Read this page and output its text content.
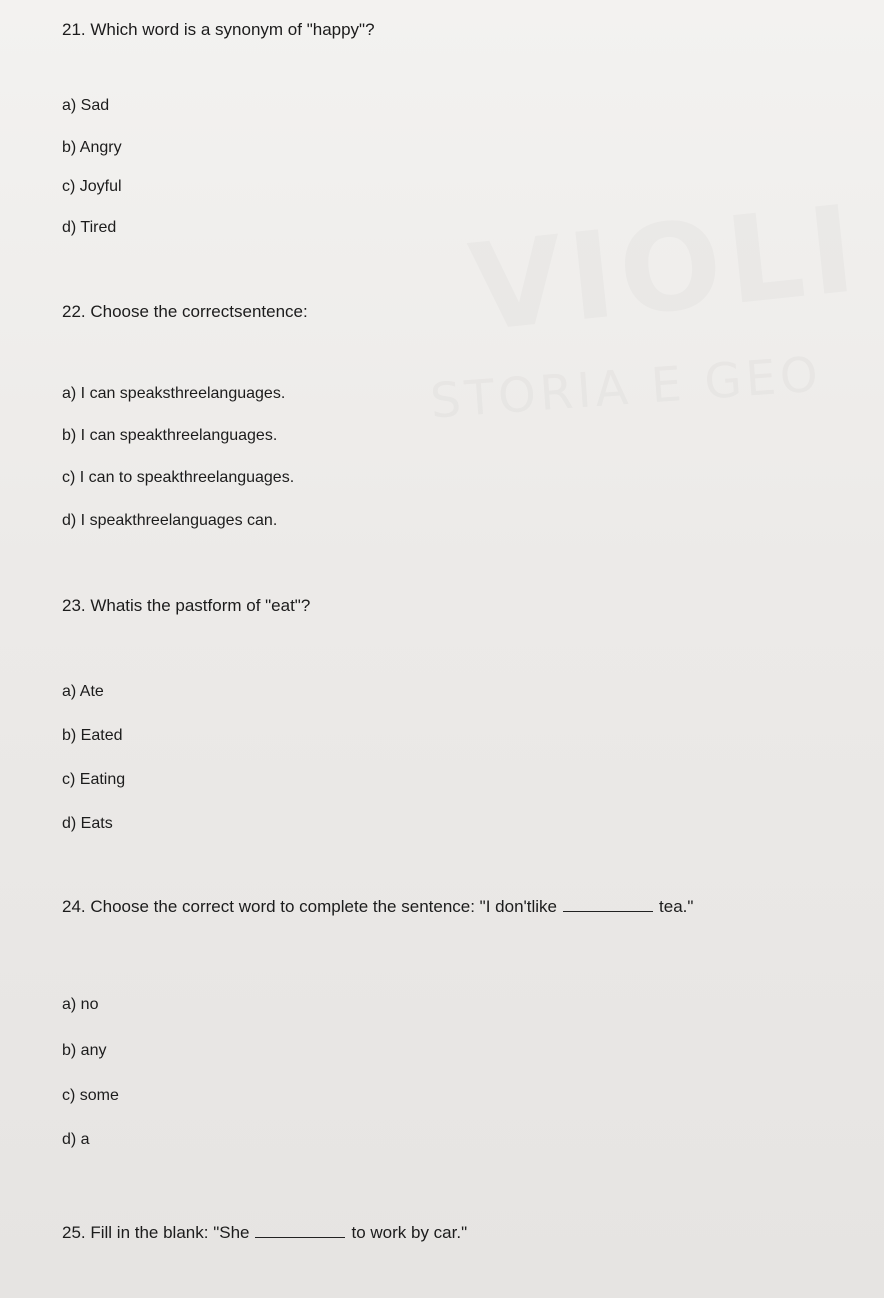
VIOLI
STORIA E GEO
21. Which word is a synonym of "happy"?
a) Sad
b) Angry
c) Joyful
d) Tired
22. Choose the correctsentence:
a) I can speaksthreelanguages.
b) I can speakthreelanguages.
c) I can to speakthreelanguages.
d) I speakthreelanguages can.
23. Whatis the pastform of "eat"?
a) Ate
b) Eated
c) Eating
d) Eats
24. Choose the correct word to complete the sentence: "I don'tlike	tea."
a) no
b) any
c) some
d) a
25. Fill in the blank: "She	to work by car."
